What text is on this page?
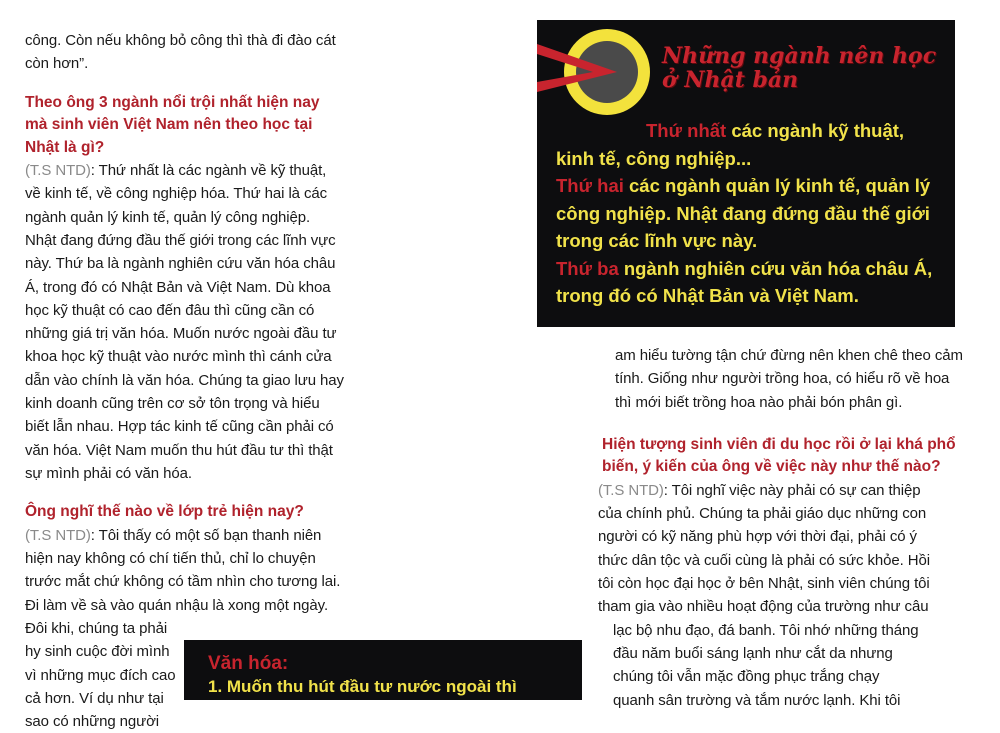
công. Còn nếu không bỏ công thì thà đi đào cát
còn hơn”.
Theo ông 3 ngành nổi trội nhất hiện nay
mà sinh viên Việt Nam nên theo học tại
Nhật là gì?
(T.S NTD): Thứ nhất là các ngành về kỹ thuật,
về kinh tế, về công nghiệp hóa. Thứ hai là các
ngành quản lý kinh tế, quản lý công nghiệp.
Nhật đang đứng đầu thế giới trong các lĩnh vực
này. Thứ ba là ngành nghiên cứu văn hóa châu
Á, trong đó có Nhật Bản và Việt Nam. Dù khoa
học kỹ thuật có cao đến đâu thì cũng cần có
những giá trị văn hóa. Muốn nước ngoài đầu tư
khoa học kỹ thuật vào nước mình thì cánh cửa
dẫn vào chính là văn hóa. Chúng ta giao lưu hay
kinh doanh cũng trên cơ sở tôn trọng và hiểu
biết lẫn nhau. Hợp tác kinh tế cũng cần phải có
văn hóa. Việt Nam muốn thu hút đầu tư thì thật
sự mình phải có văn hóa.
Ông nghĩ thế nào về lớp trẻ hiện nay?
(T.S NTD): Tôi thấy có một số bạn thanh niên
hiện nay không có chí tiến thủ, chỉ lo chuyện
trước mắt chứ không có tầm nhìn cho tương lai.
Đi làm về sà vào quán nhậu là xong một ngày.
Đôi khi, chúng ta phải
hy sinh cuộc đời mình
vì những mục đích cao
cả hơn. Ví dụ như tại
sao có những người
Những ngành nên học
ở Nhật bản
Thứ nhất các ngành kỹ thuật,
kinh tế, công nghiệp...
Thứ hai các ngành quản lý kinh tế, quản lý
công nghiệp. Nhật đang đứng đầu thế giới
trong các lĩnh vực này.
Thứ ba ngành nghiên cứu văn hóa châu Á,
trong đó có Nhật Bản và Việt Nam.
am hiểu tường tận chứ đừng nên khen chê theo cảm
tính. Giống như người trồng hoa, có hiểu rõ về hoa
thì mới biết trồng hoa nào phải bón phân gì.
Hiện tượng sinh viên đi du học rồi ở lại khá phổ
biến, ý kiến của ông về việc này như thế nào?
(T.S NTD): Tôi nghĩ việc này phải có sự can thiệp
của chính phủ. Chúng ta phải giáo dục những con
người có kỹ năng phù hợp với thời đại, phải có ý
thức dân tộc và cuối cùng là phải có sức khỏe. Hồi
tôi còn học đại học ở bên Nhật, sinh viên chúng tôi
tham gia vào nhiều hoạt động của trường như câu
lạc bộ nhu đạo, đá banh. Tôi nhớ những tháng
đầu năm buổi sáng lạnh như cắt da nhưng
chúng tôi vẫn mặc đồng phục trắng chạy
quanh sân trường và tắm nước lạnh. Khi tôi
Văn hóa:
1. Muốn thu hút đầu tư nước ngoài thì
